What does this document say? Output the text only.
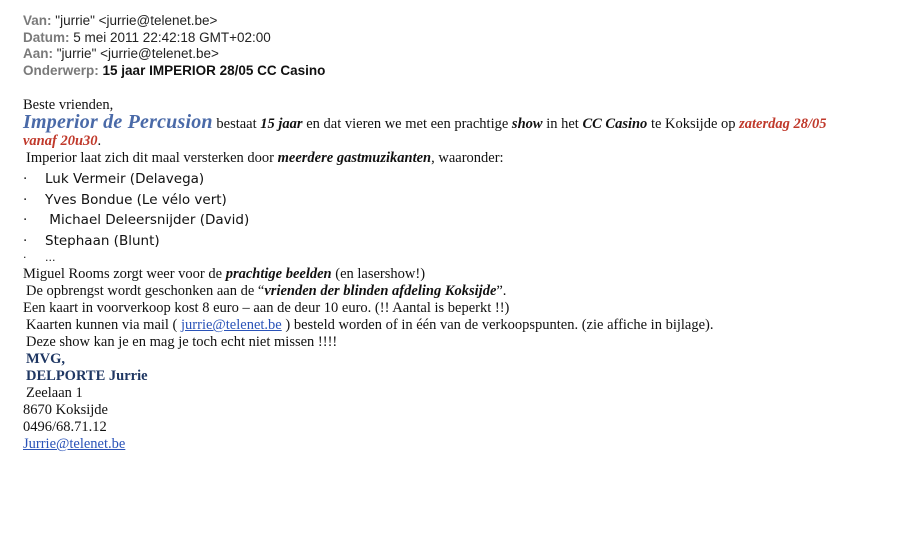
Van: "jurrie" <jurrie@telenet.be>
Datum: 5 mei 2011 22:42:18 GMT+02:00
Aan: "jurrie" <jurrie@telenet.be>
Onderwerp: 15 jaar IMPERIOR 28/05 CC Casino
Beste vrienden,
Imperior de Percusion bestaat 15 jaar en dat vieren we met een prachtige show in het CC Casino te Koksijde op zaterdag 28/05
vanaf 20u30.
Imperior laat zich dit maal versterken door meerdere gastmuzikanten, waaronder:
· Luk Vermeir (Delavega)
· Yves Bondue (Le vélo vert)
· Michael Deleersnijder (David)
· Stephaan (Blunt)
· ...
Miguel Rooms zorgt weer voor de prachtige beelden (en lasershow!)
De opbrengst wordt geschonken aan de “vrienden der blinden afdeling Koksijde”.
Een kaart in voorverkoop kost 8 euro – aan de deur 10 euro. (!! Aantal is beperkt !!)
Kaarten kunnen via mail ( jurrie@telenet.be ) besteld worden of in één van de verkoopspunten. (zie affiche in bijlage).
Deze show kan je en mag je toch echt niet missen !!!!
MVG,
DELPORTE Jurrie
Zeelaan 1
8670 Koksijde
0496/68.71.12
Jurrie@telenet.be
